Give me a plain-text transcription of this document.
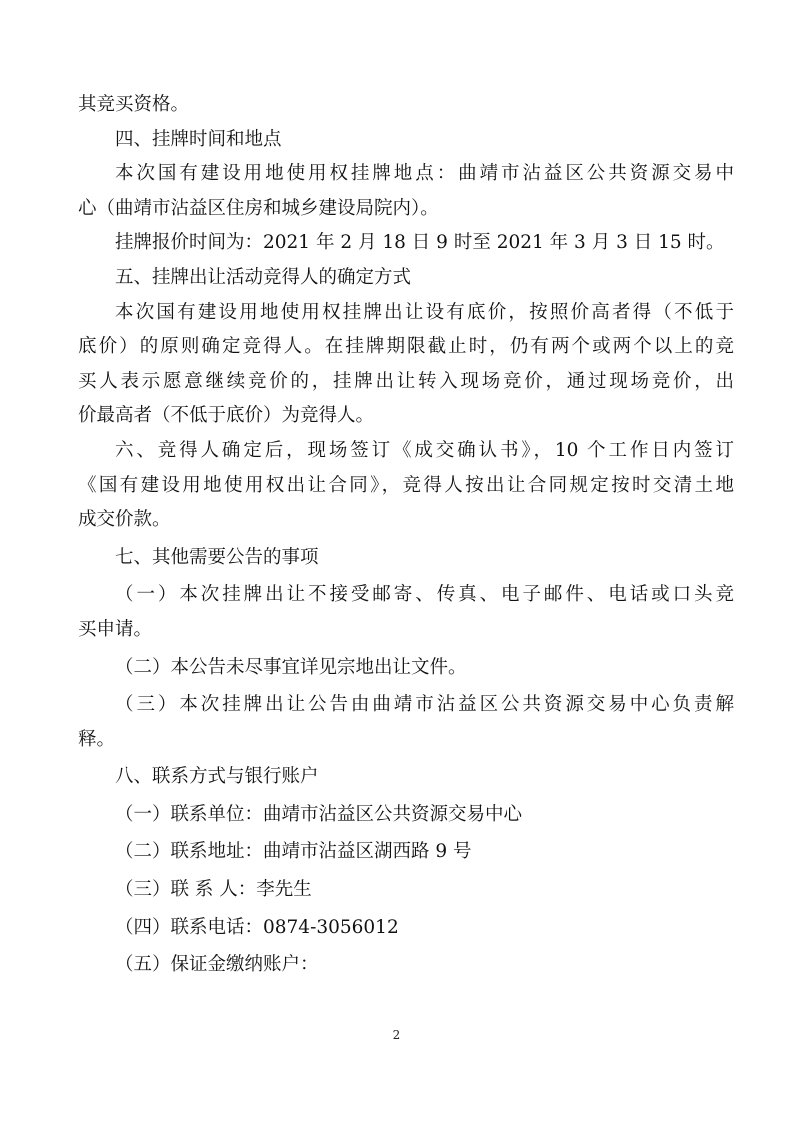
其竞买资格。
四、挂牌时间和地点
本次国有建设用地使用权挂牌地点：曲靖市沾益区公共资源交易中
心（曲靖市沾益区住房和城乡建设局院内）。
挂牌报价时间为：2021 年 2 月 18 日 9 时至 2021 年 3 月 3 日 15 时。
五、挂牌出让活动竞得人的确定方式
本次国有建设用地使用权挂牌出让设有底价，按照价高者得（不低于
底价）的原则确定竞得人。在挂牌期限截止时，仍有两个或两个以上的竞
买人表示愿意继续竞价的，挂牌出让转入现场竞价，通过现场竞价，出
价最高者（不低于底价）为竞得人。
六、竞得人确定后，现场签订《成交确认书》，10 个工作日内签订
《国有建设用地使用权出让合同》，竞得人按出让合同规定按时交清土地
成交价款。
七、其他需要公告的事项
（一）本次挂牌出让不接受邮寄、传真、电子邮件、电话或口头竞
买申请。
（二）本公告未尽事宜详见宗地出让文件。
（三）本次挂牌出让公告由曲靖市沾益区公共资源交易中心负责解
释。
八、联系方式与银行账户
（一）联系单位：曲靖市沾益区公共资源交易中心
（二）联系地址：曲靖市沾益区湖西路 9 号
（三）联 系 人：李先生
（四）联系电话：0874-3056012
（五）保证金缴纳账户：
2
